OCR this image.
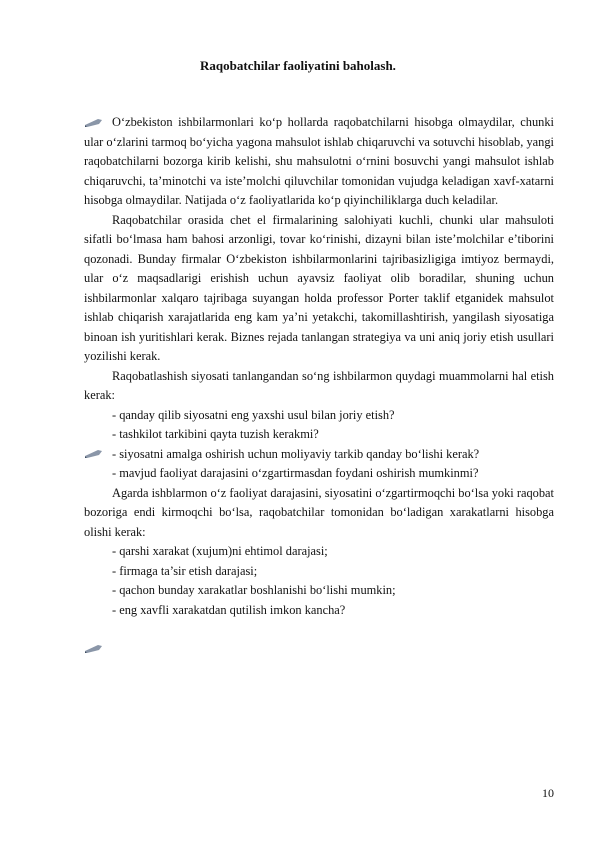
Raqobatchilar faoliyatini baholash.

O‘zbekiston ishbilarmonlari ko‘p hollarda raqobatchilarni hisobga olmaydilar, chunki ular o‘zlarini tarmoq bo‘yicha yagona mahsulot ishlab chiqaruvchi va sotuvchi hisoblab, yangi raqobatchilarni bozorga kirib kelishi, shu mahsulotni o‘rnini bosuvchi yangi mahsulot ishlab chiqaruvchi, ta’minotchi va iste’molchi qiluvchilar tomonidan vujudga keladigan xavf-xatarni hisobga olmaydilar. Natijada o‘z faoliyatlarida ko‘p qiyinchiliklarga duch keladilar.

Raqobatchilar orasida chet el firmalarining salohiyati kuchli, chunki ular mahsuloti sifatli bo‘lmasa ham bahosi arzonligi, tovar ko‘rinishi, dizayni bilan iste’molchilar e’tiborini qozonadi. Bunday firmalar O‘zbekiston ishbilarmonlarini tajribasizligiga imtiyoz bermaydi, ular o‘z maqsadlarigi erishish uchun ayavsiz faoliyat olib boradilar, shuning uchun ishbilarmonlar xalqaro tajribaga suyangan holda professor Porter taklif etganidek mahsulot ishlab chiqarish xarajatlarida eng kam ya’ni yetakchi, takomillashtirish, yangilash siyosatiga binoan ish yuritishlari kerak. Biznes rejada tanlangan strategiya va uni aniq joriy etish usullari yozilishi kerak.

Raqobatlashish siyosati tanlangandan so‘ng ishbilarmon quydagi muammolarni hal etish kerak:

- qanday qilib siyosatni eng yaxshi usul bilan joriy etish?

- tashkilot tarkibini qayta tuzish kerakmi?

- siyosatni amalga oshirish uchun moliyaviy tarkib qanday bo‘lishi kerak?

- mavjud faoliyat darajasini o‘zgartirmasdan foydani oshirish mumkinmi?

Agarda ishblarmon o‘z faoliyat darajasini, siyosatini o‘zgartirmoqchi bo‘lsa yoki raqobat bozoriga endi kirmoqchi bo‘lsa, raqobatchilar tomonidan bo‘ladigan xarakatlarni hisobga olishi kerak:

- qarshi xarakat (xujum)ni ehtimol darajasi;

- firmaga ta’sir etish darajasi;

- qachon bunday xarakatlar boshlanishi bo‘lishi mumkin;

- eng xavfli xarakatdan qutilish imkon kancha?

10
